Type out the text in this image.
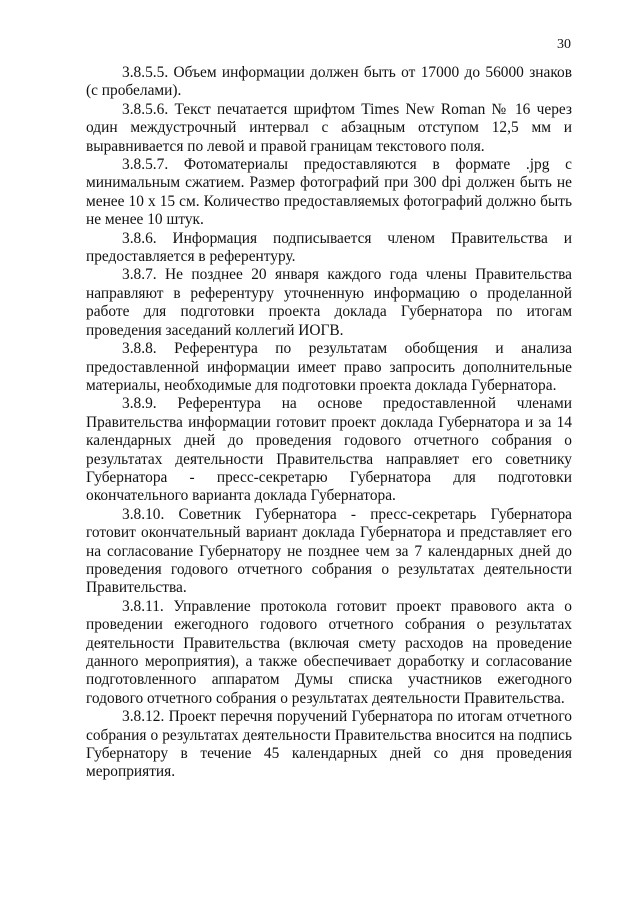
30

3.8.5.5. Объем информации должен быть от 17000 до 56000 знаков (с пробелами).

3.8.5.6. Текст печатается шрифтом Times New Roman № 16 через один междустрочный интервал с абзацным отступом 12,5 мм и выравнивается по левой и правой границам текстового поля.

3.8.5.7. Фотоматериалы предоставляются в формате .jpg с минимальным сжатием. Размер фотографий при 300 dpi должен быть не менее 10 х 15 см. Количество предоставляемых фотографий должно быть не менее 10 штук.

3.8.6. Информация подписывается членом Правительства и предоставляется в референтуру.

3.8.7. Не позднее 20 января каждого года члены Правительства направляют в референтуру уточненную информацию о проделанной работе для подготовки проекта доклада Губернатора по итогам проведения заседаний коллегий ИОГВ.

3.8.8. Референтура по результатам обобщения и анализа предоставленной информации имеет право запросить дополнительные материалы, необходимые для подготовки проекта доклада Губернатора.

3.8.9. Референтура на основе предоставленной членами Правительства информации готовит проект доклада Губернатора и за 14 календарных дней до проведения годового отчетного собрания о результатах деятельности Правительства направляет его советнику Губернатора - пресс-секретарю Губернатора для подготовки окончательного варианта доклада Губернатора.

3.8.10. Советник Губернатора - пресс-секретарь Губернатора готовит окончательный вариант доклада Губернатора и представляет его на согласование Губернатору не позднее чем за 7 календарных дней до проведения годового отчетного собрания о результатах деятельности Правительства.

3.8.11. Управление протокола готовит проект правового акта о проведении ежегодного годового отчетного собрания о результатах деятельности Правительства (включая смету расходов на проведение данного мероприятия), а также обеспечивает доработку и согласование подготовленного аппаратом Думы списка участников ежегодного годового отчетного собрания о результатах деятельности Правительства.

3.8.12. Проект перечня поручений Губернатора по итогам отчетного собрания о результатах деятельности Правительства вносится на подпись Губернатору в течение 45 календарных дней со дня проведения мероприятия.
